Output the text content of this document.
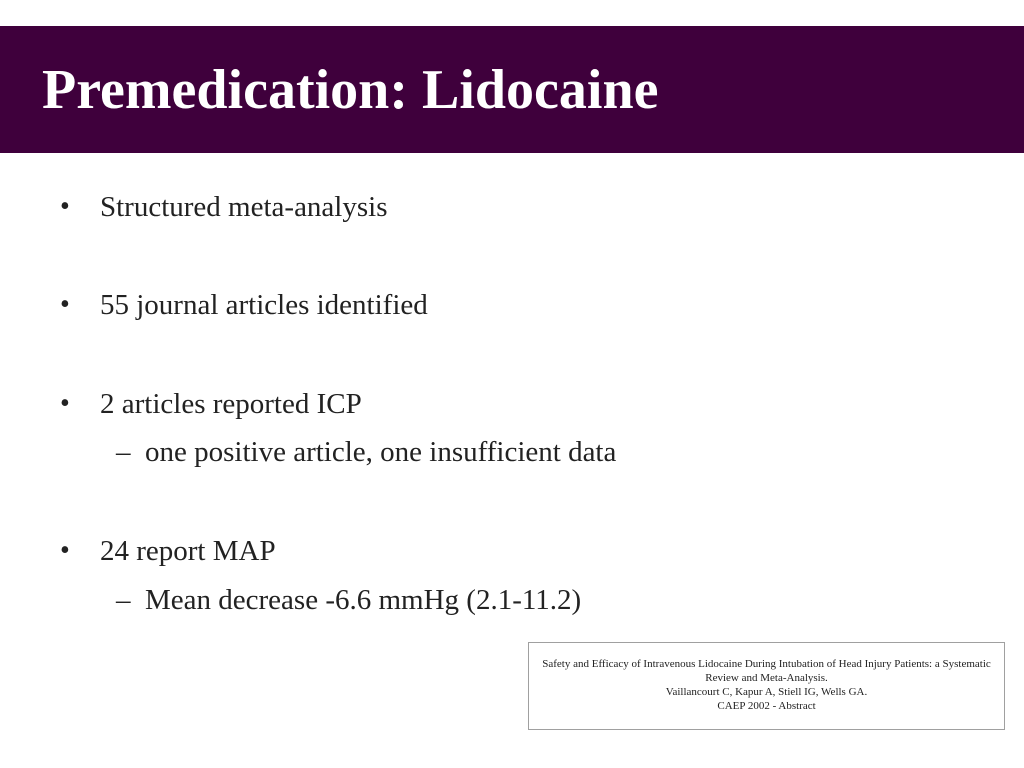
Premedication: Lidocaine
• Structured meta-analysis
• 55 journal articles identified
• 2 articles reported ICP
– one positive article, one insufficient data
• 24 report MAP
– Mean decrease -6.6 mmHg (2.1-11.2)
Safety and Efficacy of Intravenous Lidocaine During Intubation of Head Injury Patients: a Systematic Review and Meta-Analysis.
Vaillancourt C, Kapur A, Stiell IG, Wells GA.
CAEP 2002 - Abstract
